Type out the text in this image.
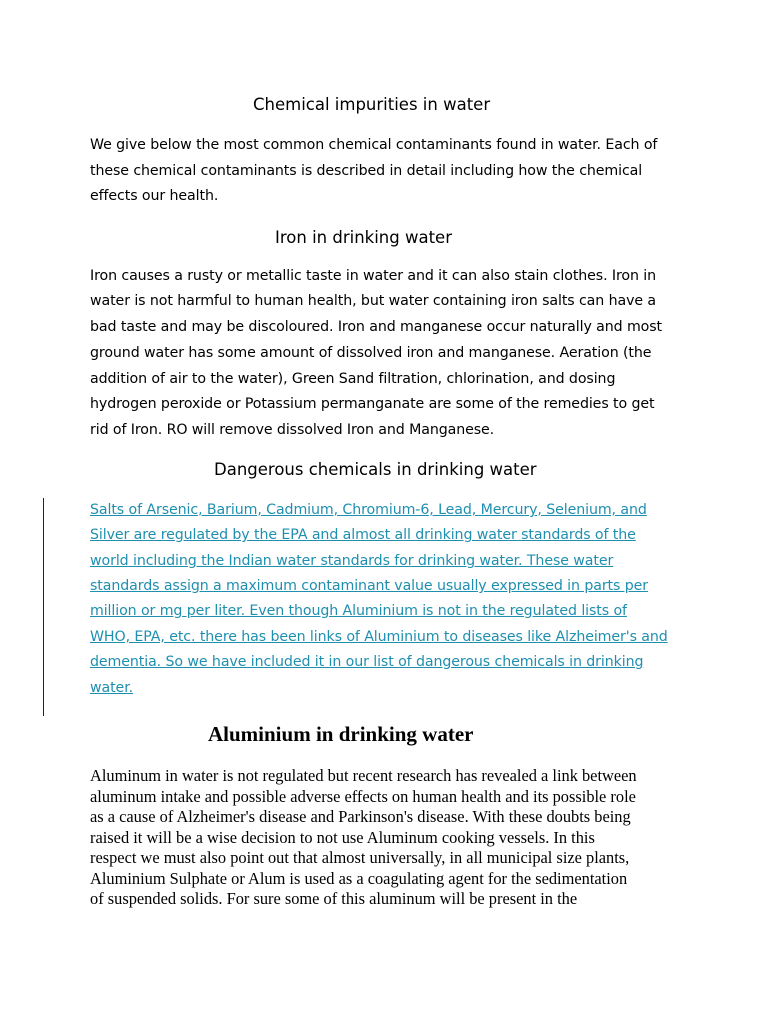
Chemical impurities in water
We give below the most common chemical contaminants found in water. Each of
these chemical contaminants is described in detail including how the chemical
effects our health.
Iron in drinking water
Iron causes a rusty or metallic taste in water and it can also stain clothes. Iron in
water is not harmful to human health, but water containing iron salts can have a
bad taste and may be discoloured. Iron and manganese occur naturally and most
ground water has some amount of dissolved iron and manganese. Aeration (the
addition of air to the water), Green Sand filtration, chlorination, and dosing
hydrogen peroxide or Potassium permanganate are some of the remedies to get
rid of Iron. RO will remove dissolved Iron and Manganese.
Dangerous chemicals in drinking water
Salts of Arsenic, Barium, Cadmium, Chromium-6, Lead, Mercury, Selenium, and
Silver are regulated by the EPA and almost all drinking water standards of the
world including the Indian water standards for drinking water. These water
standards assign a maximum contaminant value usually expressed in parts per
million or mg per liter. Even though Aluminium is not in the regulated lists of
WHO, EPA, etc. there has been links of Aluminium to diseases like Alzheimer's and
dementia. So we have included it in our list of dangerous chemicals in drinking
water.
Aluminium in drinking water
Aluminum in water is not regulated but recent research has revealed a link between
aluminum intake and possible adverse effects on human health and its possible role
as a cause of Alzheimer's disease and Parkinson's disease. With these doubts being
raised it will be a wise decision to not use Aluminum cooking vessels. In this
respect we must also point out that almost universally, in all municipal size plants,
Aluminium Sulphate or Alum is used as a coagulating agent for the sedimentation
of suspended solids. For sure some of this aluminum will be present in the
